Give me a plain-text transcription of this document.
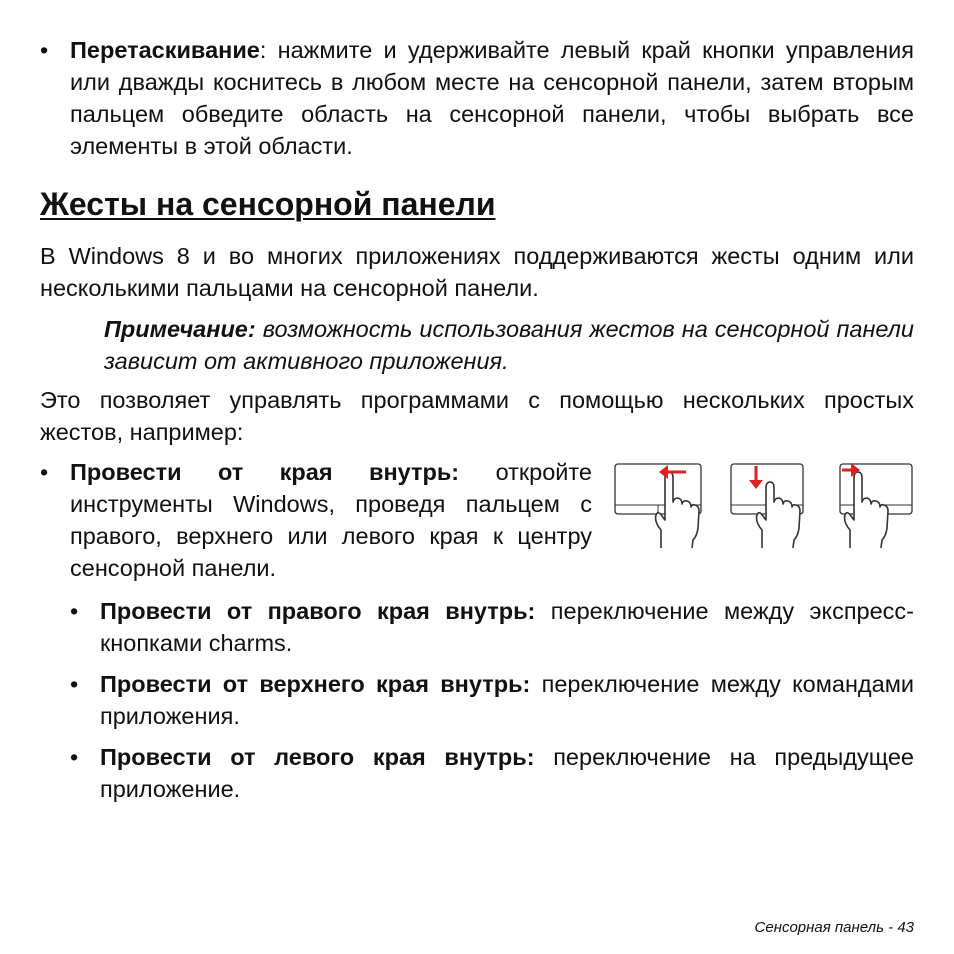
• Перетаскивание: нажмите и удерживайте левый край кнопки управления или дважды коснитесь в любом месте на сенсорной панели, затем вторым пальцем обведите область на сенсорной панели, чтобы выбрать все элементы в этой области.

Жесты на сенсорной панели

В Windows 8 и во многих приложениях поддерживаются жесты одним или несколькими пальцами на сенсорной панели.

Примечание: возможность использования жестов на сенсорной панели зависит от активного приложения.

Это позволяет управлять программами с помощью нескольких простых жестов, например:

• Провести от края внутрь: откройте инструменты Windows, проведя пальцем с правого, верхнего или левого края к центру сенсорной панели.

• Провести от правого края внутрь: переключение между экспресс-кнопками charms.

• Провести от верхнего края внутрь: переключение между командами приложения.

• Провести от левого края внутрь: переключение на предыдущее приложение.

Сенсорная панель - 43
